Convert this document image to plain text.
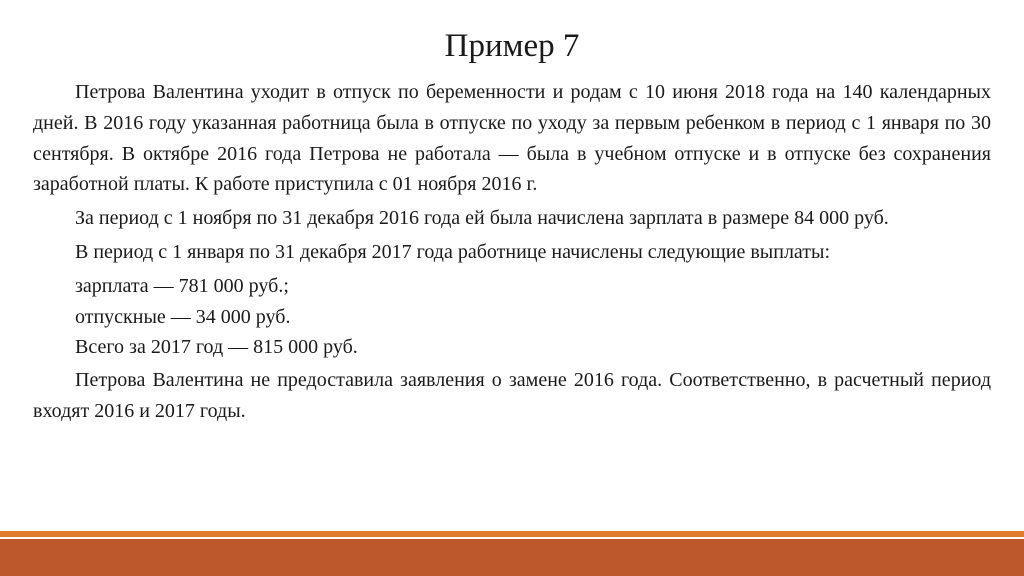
Пример 7

Петрова Валентина уходит в отпуск по беременности и родам с 10 июня 2018 года на 140 календарных дней. В 2016 году указанная работница была в отпуске по уходу за первым ребенком в период с 1 января по 30 сентября. В октябре 2016 года Петрова не работала — была в учебном отпуске и в отпуске без сохранения заработной платы. К работе приступила с 01 ноября 2016 г.

За период с 1 ноября по 31 декабря 2016 года ей была начислена зарплата в размере 84 000 руб.

В период с 1 января по 31 декабря 2017 года работнице начислены следующие выплаты:

зарплата — 781 000 руб.;

отпускные — 34 000 руб.

Всего за 2017 год — 815 000 руб.

Петрова Валентина не предоставила заявления о замене 2016 года. Соответственно, в расчетный период входят 2016 и 2017 годы.
